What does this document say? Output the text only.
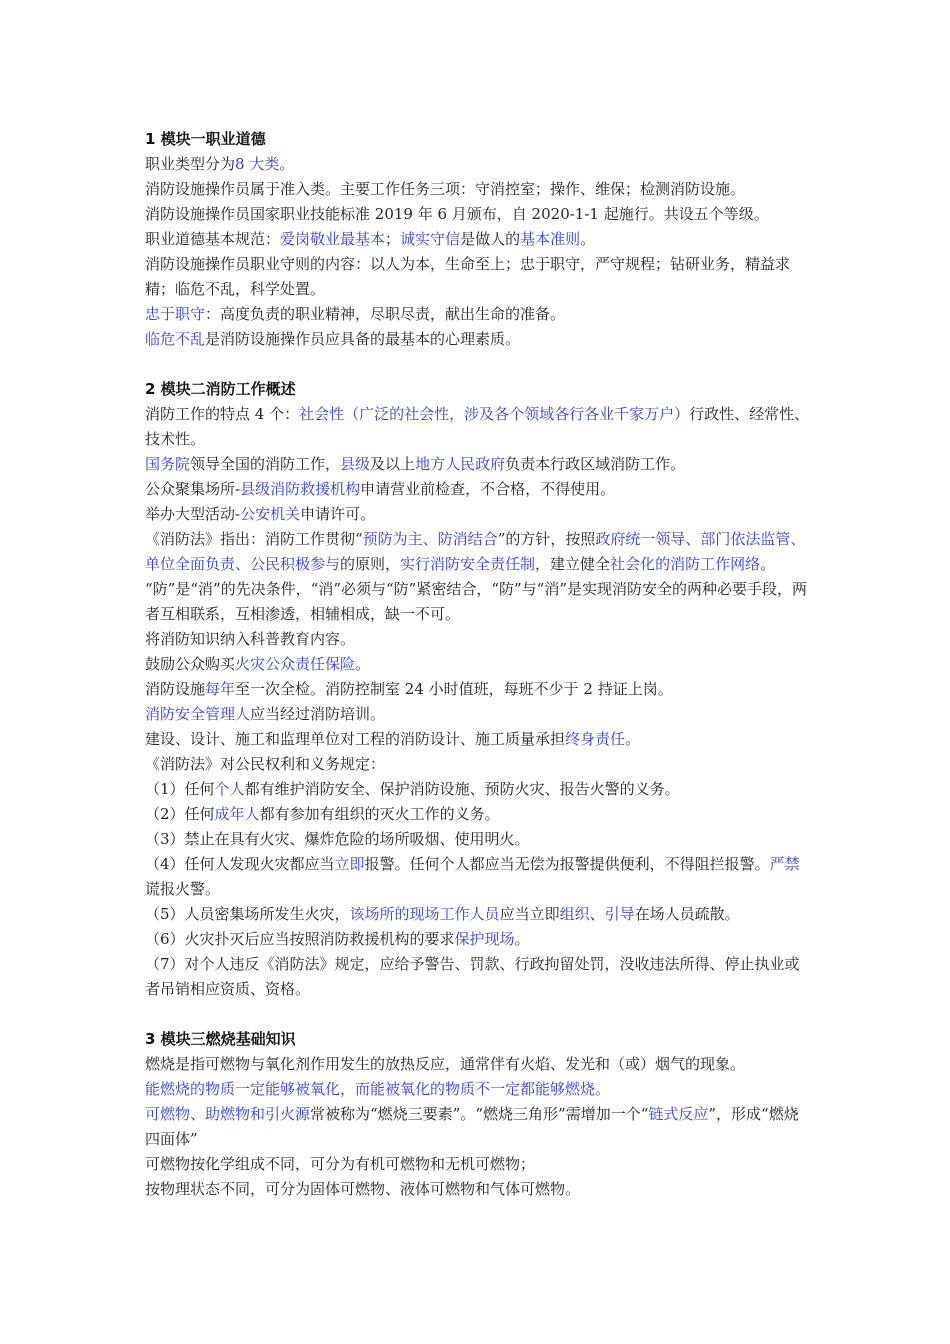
1 模块一职业道德

职业类型分为8 大类。

消防设施操作员属于准入类。主要工作任务三项：守消控室；操作、维保；检测消防设施。

消防设施操作员国家职业技能标准 2019 年 6 月颁布，自 2020-1-1 起施行。共设五个等级。

职业道德基本规范：爱岗敬业最基本；诚实守信是做人的基本准则。

消防设施操作员职业守则的内容：以人为本，生命至上；忠于职守，严守规程；钻研业务，精益求精；临危不乱，科学处置。

忠于职守：高度负责的职业精神，尽职尽责，献出生命的准备。

临危不乱是消防设施操作员应具备的最基本的心理素质。

2 模块二消防工作概述

消防工作的特点 4 个：社会性（广泛的社会性，涉及各个领域各行各业千家万户）行政性、经常性、技术性。

国务院领导全国的消防工作，县级及以上地方人民政府负责本行政区域消防工作。

公众聚集场所-县级消防救援机构申请营业前检查，不合格，不得使用。

举办大型活动-公安机关申请许可。

《消防法》指出：消防工作贯彻“预防为主、防消结合”的方针，按照政府统一领导、部门依法监管、单位全面负责、公民积极参与的原则，实行消防安全责任制，建立健全社会化的消防工作网络。

“防”是“消”的先决条件，“消”必须与“防”紧密结合，“防”与“消”是实现消防安全的两种必要手段，两者互相联系，互相渗透，相辅相成，缺一不可。

将消防知识纳入科普教育内容。

鼓励公众购买火灾公众责任保险。

消防设施每年至一次全检。消防控制室 24 小时值班，每班不少于 2 持证上岗。

消防安全管理人应当经过消防培训。

建设、设计、施工和监理单位对工程的消防设计、施工质量承担终身责任。

《消防法》对公民权利和义务规定：

（1）任何个人都有维护消防安全、保护消防设施、预防火灾、报告火警的义务。

（2）任何成年人都有参加有组织的灭火工作的义务。

（3）禁止在具有火灾、爆炸危险的场所吸烟、使用明火。

（4）任何人发现火灾都应当立即报警。任何个人都应当无偿为报警提供便利，不得阻拦报警。严禁谎报火警。

（5）人员密集场所发生火灾，该场所的现场工作人员应当立即组织、引导在场人员疏散。

（6）火灾扑灭后应当按照消防救援机构的要求保护现场。

（7）对个人违反《消防法》规定，应给予警告、罚款、行政拘留处罚，没收违法所得、停止执业或者吊销相应资质、资格。

3 模块三燃烧基础知识

燃烧是指可燃物与氧化剂作用发生的放热反应，通常伴有火焰、发光和（或）烟气的现象。

能燃烧的物质一定能够被氧化，而能被氧化的物质不一定都能够燃烧。

可燃物、助燃物和引火源常被称为“燃烧三要素”。“燃烧三角形”需增加一个“链式反应”，形成“燃烧四面体”

可燃物按化学组成不同，可分为有机可燃物和无机可燃物；

按物理状态不同，可分为固体可燃物、液体可燃物和气体可燃物。
